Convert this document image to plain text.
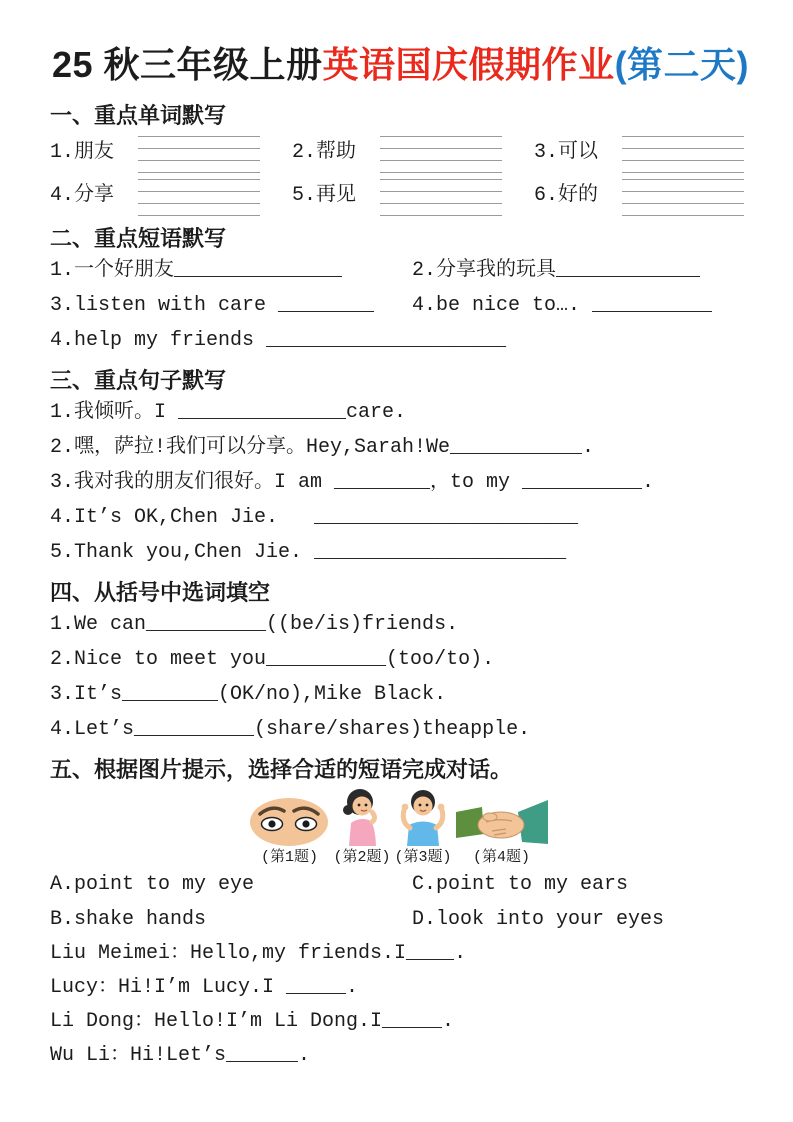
25 秋三年级上册英语国庆假期作业(第二天)
一、重点单词默写
1.朋友	2.帮助	3.可以
4.分享	5.再见	6.好的
二、重点短语默写
1.一个好朋友______________	2.分享我的玩具____________
3.listen with care ________	4.be nice to…. __________
4.help my friends ____________________
三、重点句子默写
1.我倾听。I ______________care.
2.嘿，萨拉!我们可以分享。Hey,Sarah!We___________.
3.我对我的朋友们很好。I am ________，to my __________.
4.It’s OK,Chen Jie.   ______________________
5.Thank you,Chen Jie. _____________________
四、从括号中选词填空
1.We can__________((be/is)friends.
2.Nice to meet you__________(too/to).
3.It’s________(OK/no),Mike Black.
4.Let’s__________(share/shares)theapple.
五、根据图片提示，选择合适的短语完成对话。
(第1题) (第2题) (第3题) (第4题)
A.point to my eye	C.point to my ears
B.shake hands	D.look into your eyes
Liu Meimei：Hello,my friends.I____.
Lucy：Hi!I’m Lucy.I _____.
Li Dong：Hello!I’m Li Dong.I_____.
Wu Li：Hi!Let’s______.
